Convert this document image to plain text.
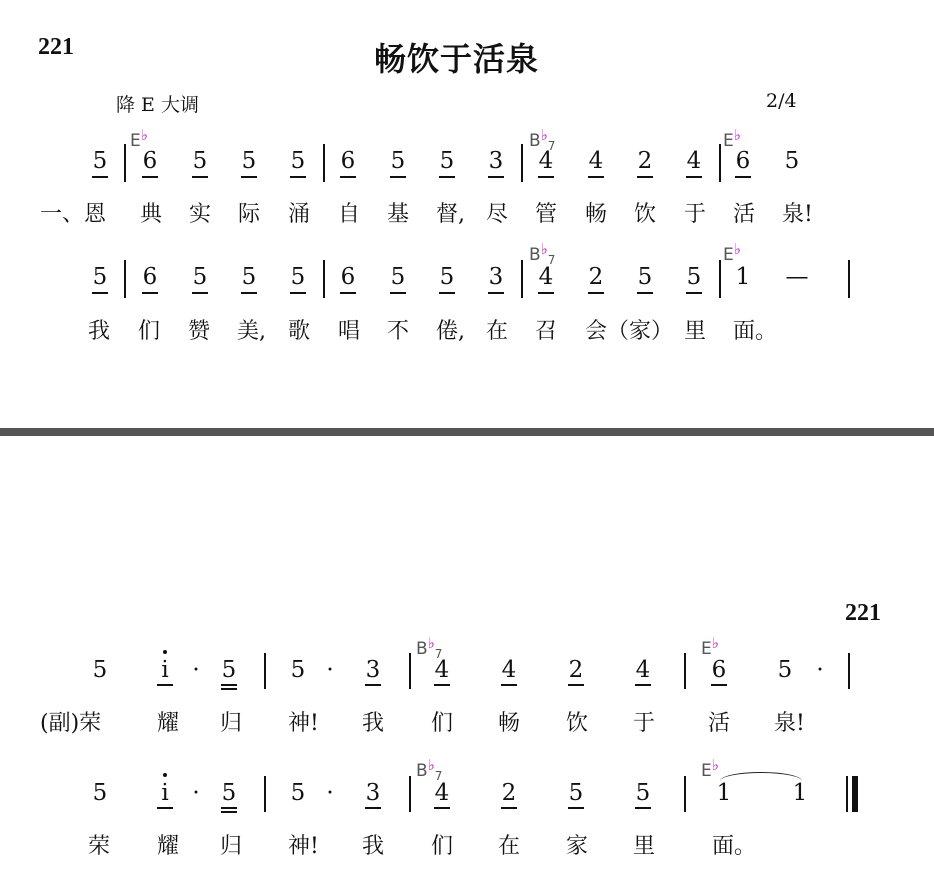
221	畅饮于活泉
降 E 大调	2/4
E♭	$B♭_7$	E♭
5 6 5 5 5 6 5 5 3 4 4 2 4 6 5
一、恩 典 实 际 涌 自 基 督, 尽 管 畅 饮 于 活 泉!
$B♭_7$	E♭
5 6 5 5 5 6 5 5 3 4 2 5 5 1 —
我 们 赞 美, 歌 唱 不 倦, 在 召 会（家） 里 面。
221
$B♭_7$	E♭
5	i	· 5 5 ·	3 4 4 2 4	6 5	·
(副)荣	耀 归 神! 我 们 畅 饮 于 活 泉!
$B♭_7$	E♭
5	i	· 5 5 ·	3 4 2 5 5	1	1
荣 耀 归 神! 我 们 在 家 里	面。
